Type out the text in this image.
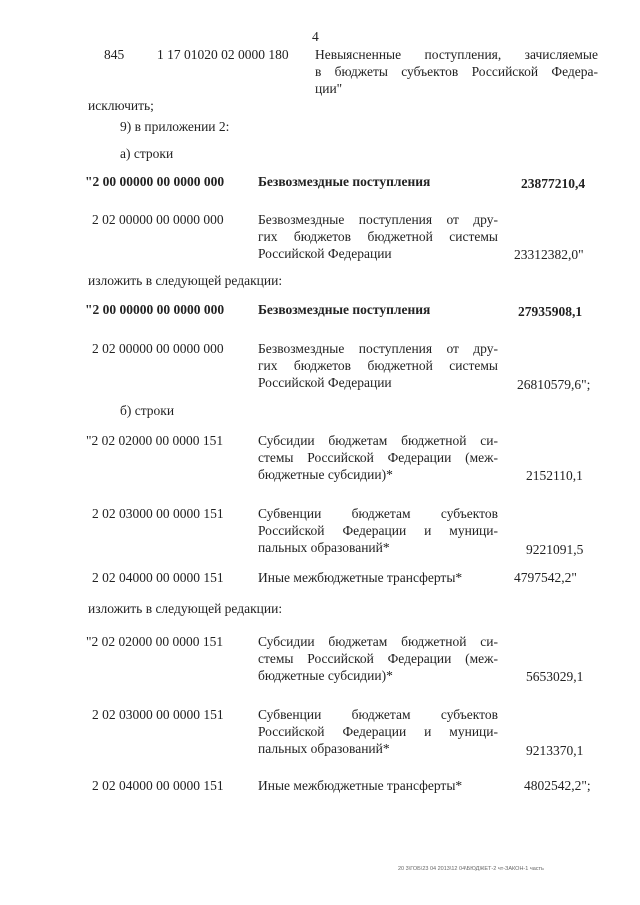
4
845 1 17 01020 02 0000 180 Невыясненные поступления, зачисляемые
в бюджеты субъектов Российской Федера-
ции"
исключить;
9) в приложении 2:
а) строки
"2 00 00000 00 0000 000	Безвозмездные поступления	23877210,4
2 02 00000 00 0000 000	Безвозмездные поступления от дру-
гих бюджетов бюджетной системы
Российской Федерации	23312382,0"
изложить в следующей редакции:
"2 00 00000 00 0000 000	Безвозмездные поступления	27935908,1
2 02 00000 00 0000 000	Безвозмездные поступления от дру-
гих бюджетов бюджетной системы
Российской Федерации	26810579,6";
б) строки
"2 02 02000 00 0000 151	Субсидии бюджетам бюджетной си-
стемы Российской Федерации (меж-
бюджетные субсидии)*	2152110,1
2 02 03000 00 0000 151	Субвенции бюджетам субъектов
Российской Федерации и муници-
пальных образований*	9221091,5
2 02 04000 00 0000 151	Иные межбюджетные трансферты*	4797542,2"
изложить в следующей редакции:
"2 02 02000 00 0000 151	Субсидии бюджетам бюджетной си-
стемы Российской Федерации (меж-
бюджетные субсидии)*	5653029,1
2 02 03000 00 0000 151	Субвенции бюджетам субъектов
Российской Федерации и муници-
пальных образований*	9213370,1
2 02 04000 00 0000 151	Иные межбюджетные трансферты*	4802542,2";
20 3\ГОБ\23 04 2013\12 04\БЮДЖЕТ-2 чт-ЗАКОН-1 часть
